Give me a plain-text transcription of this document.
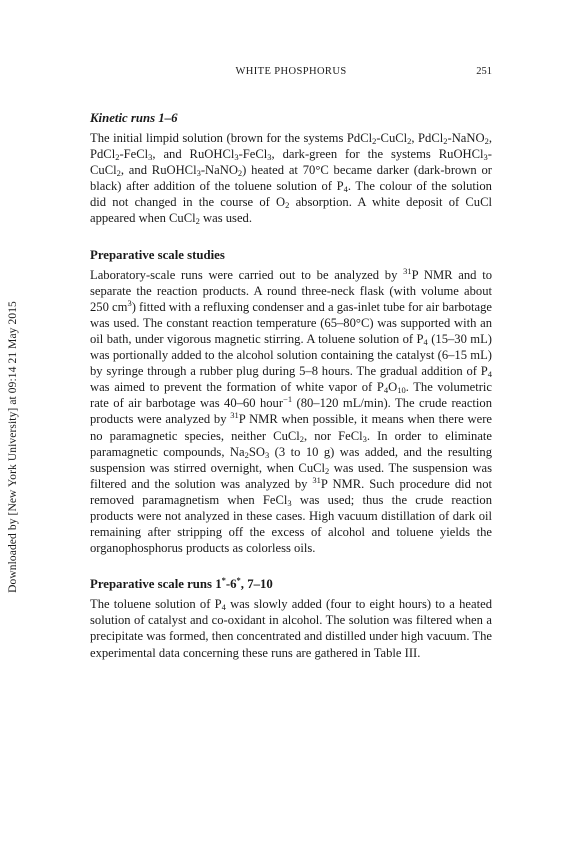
Downloaded by [New York University] at 09:14 21 May 2015
WHITE PHOSPHORUS	251
Kinetic runs 1–6

The initial limpid solution (brown for the systems PdCl$_2$-CuCl$_2$, PdCl$_2$-NaNO$_2$, PdCl$_2$-FeCl$_3$, and RuOHCl$_3$-FeCl$_3$, dark-green for the systems RuOHCl$_3$-CuCl$_2$, and RuOHCl$_3$-NaNO$_2$) heated at 70°C became darker (dark-brown or black) after addition of the toluene solution of $P_4$. The colour of the solution did not changed in the course of $O_2$ absorption. A white deposit of CuCl appeared when CuCl$_2$ was used.

Preparative scale studies

Laboratory-scale runs were carried out to be analyzed by $^{31}$P NMR and to separate the reaction products. A round three-neck flask (with volume about 250 $cm^3$) fitted with a refluxing condenser and a gas-inlet tube for air barbotage was used. The constant reaction temperature (65–80°C) was supported with an oil bath, under vigorous magnetic stirring. A toluene solution of $P_4$ (15–30 mL) was portionally added to the alcohol solution containing the catalyst (6–15 mL) by syringe through a rubber plug during 5–8 hours. The gradual addition of $P_4$ was aimed to prevent the formation of white vapor of $P_4O_{10}$. The volumetric rate of air barbotage was 40–60 hour$^{-1}$ (80–120 mL/min). The crude reaction products were analyzed by $^{31}$P NMR when possible, it means when there were no paramagnetic species, neither CuCl$_2$, nor FeCl$_3$. In order to eliminate paramagnetic compounds, $Na_2SO_3$ (3 to 10 g) was added, and the resulting suspension was stirred overnight, when CuCl$_2$ was used. The suspension was filtered and the solution was analyzed by $^{31}$P NMR. Such procedure did not removed paramagnetism when FeCl$_3$ was used; thus the crude reaction products were not analyzed in these cases. High vacuum distillation of dark oil remaining after stripping off the excess of alcohol and toluene yields the organophosphorus products as colorless oils.

Preparative scale runs 1*-6*, 7–10

The toluene solution of $P_4$ was slowly added (four to eight hours) to a heated solution of catalyst and co-oxidant in alcohol. The solution was filtered when a precipitate was formed, then concentrated and distilled under high vacuum. The experimental data concerning these runs are gathered in Table III.
